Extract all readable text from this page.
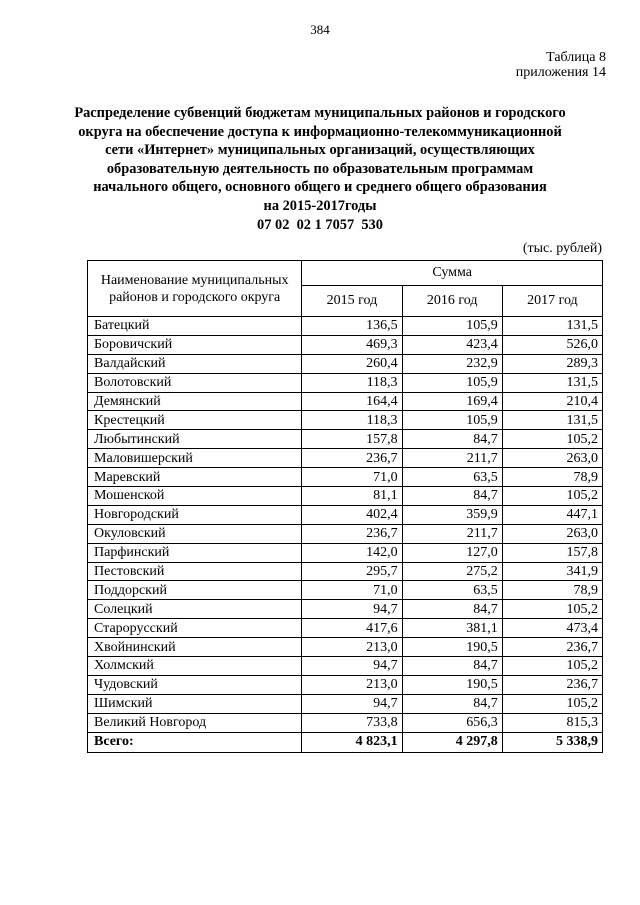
384
Таблица 8
приложения 14
Распределение субвенций бюджетам муниципальных районов и городского
округа на обеспечение доступа к информационно-телекоммуникационной
сети «Интернет» муниципальных организаций, осуществляющих
образовательную деятельность по образовательным программам
начального общего, основного общего и среднего общего образования
на 2015-2017годы
07 02  02 1 7057  530
(тыс. рублей)
Наименование муниципальных районов и городского округа	Сумма		
	2015 год	2016 год	2017 год
Батецкий	136,5	105,9	131,5
Боровичский	469,3	423,4	526,0
Валдайский	260,4	232,9	289,3
Волотовский	118,3	105,9	131,5
Демянский	164,4	169,4	210,4
Крестецкий	118,3	105,9	131,5
Любытинский	157,8	84,7	105,2
Маловишерский	236,7	211,7	263,0
Маревский	71,0	63,5	78,9
Мошенской	81,1	84,7	105,2
Новгородский	402,4	359,9	447,1
Окуловский	236,7	211,7	263,0
Парфинский	142,0	127,0	157,8
Пестовский	295,7	275,2	341,9
Поддорский	71,0	63,5	78,9
Солецкий	94,7	84,7	105,2
Старорусский	417,6	381,1	473,4
Хвойнинский	213,0	190,5	236,7
Холмский	94,7	84,7	105,2
Чудовский	213,0	190,5	236,7
Шимский	94,7	84,7	105,2
Великий Новгород	733,8	656,3	815,3
Всего:	4 823,1	4 297,8	5 338,9
